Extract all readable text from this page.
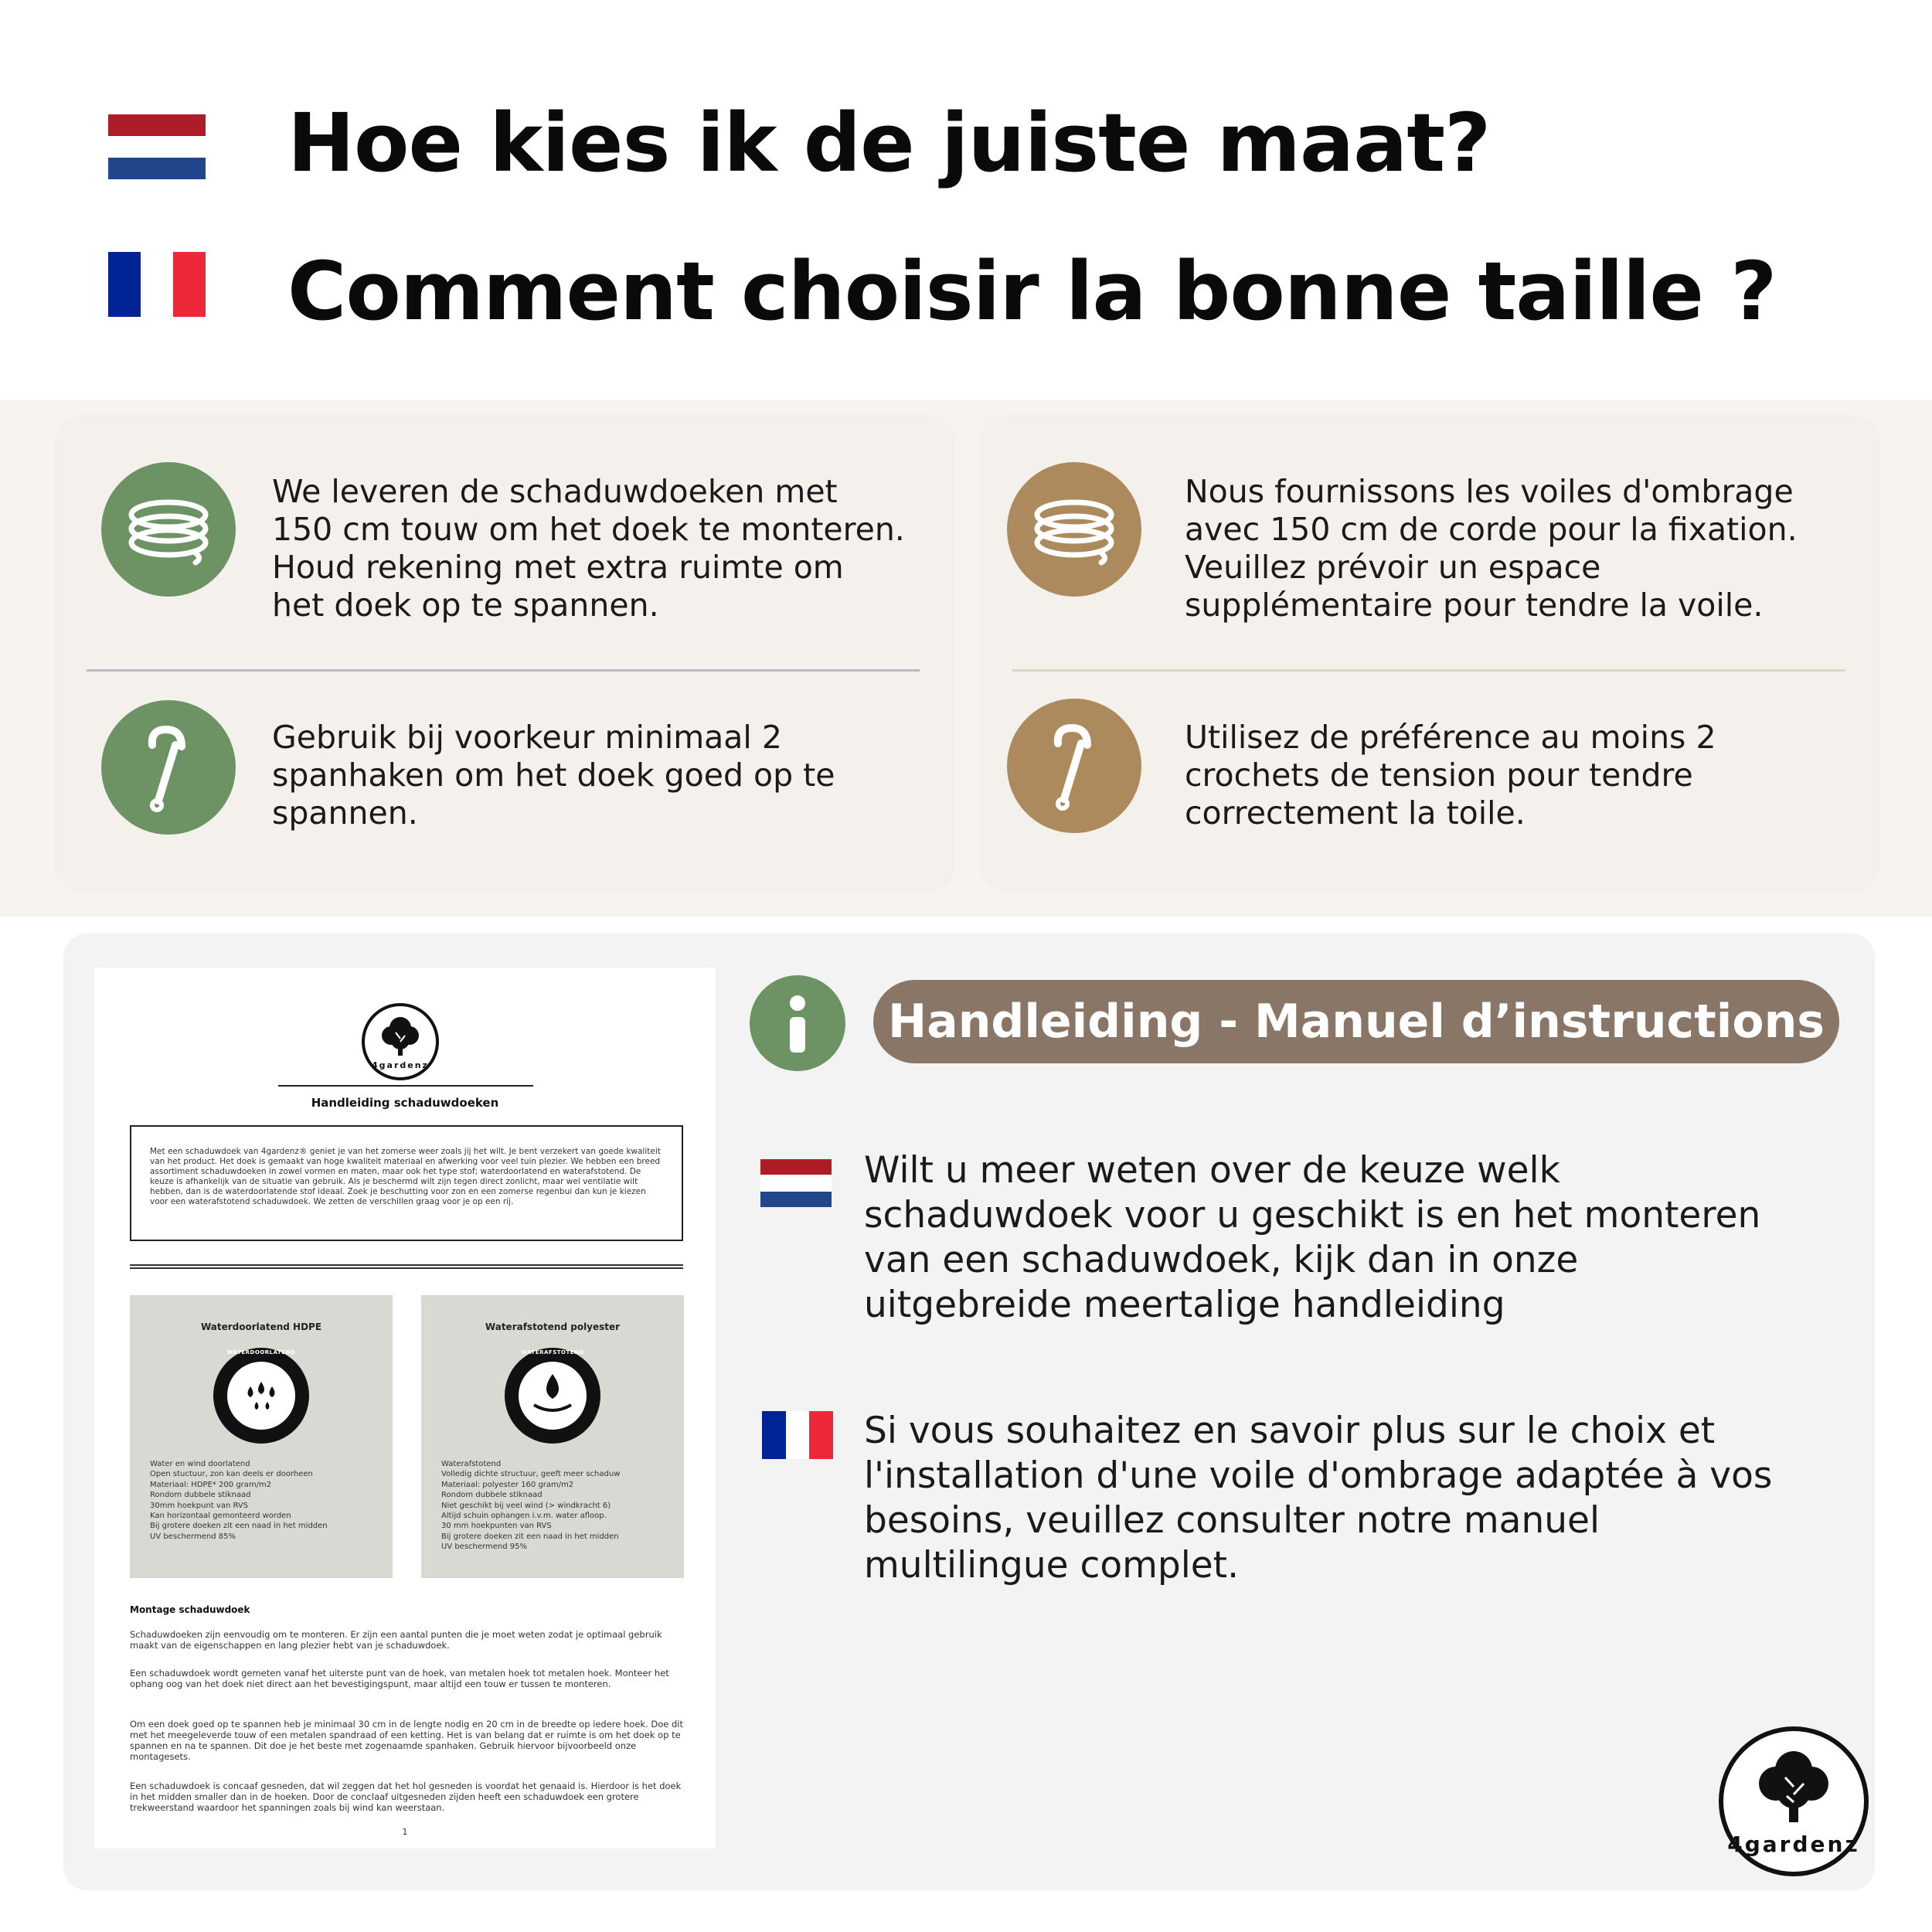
Hoe kies ik de juiste maat?
Comment choisir la bonne taille ?
We leveren de schaduwdoeken met 150 cm touw om het doek te monteren. Houd rekening met extra ruimte om het doek op te spannen.
Gebruik bij voorkeur minimaal 2 spanhaken om het doek goed op te spannen.
Nous fournissons les voiles d'ombrage avec 150 cm de corde pour la fixation. Veuillez prévoir un espace supplémentaire pour tendre la voile.
Utilisez de préférence au moins 2 crochets de tension pour tendre correctement la toile.
4gardenz
Handleiding schaduwdoeken
Met een schaduwdoek van 4gardenz® geniet je van het zomerse weer zoals jij het wilt. Je bent verzekert van goede kwaliteit van het product. Het doek is gemaakt van hoge kwaliteit materiaal en afwerking voor veel tuin plezier. We hebben een breed assortiment schaduwdoeken in zowel vormen en maten, maar ook het type stof; waterdoorlatend en waterafstotend. De keuze is afhankelijk van de situatie van gebruik. Als je beschermd wilt zijn tegen direct zonlicht, maar wel ventilatie wilt hebben, dan is de waterdoorlatende stof ideaal. Zoek je beschutting voor zon en een zomerse regenbui dan kun je kiezen voor een waterafstotend schaduwdoek. We zetten de verschillen graag voor je op een rij.
Waterdoorlatend HDPE
WATERDOORLATEND
Water en wind doorlatend
Open stuctuur, zon kan deels er doorheen
Materiaal: HDPE* 200 gram/m2
Rondom dubbele stiknaad
30mm hoekpunt van RVS
Kan horizontaal gemonteerd worden
Bij grotere doeken zit een naad in het midden
UV beschermend 85%
Waterafstotend polyester
WATERAFSTOTEND
Waterafstotend
Volledig dichte structuur, geeft meer schaduw
Materiaal: polyester 160 gram/m2
Rondom dubbele stiknaad
Niet geschikt bij veel wind (> windkracht 6)
Altijd schuin ophangen i.v.m. water afloop.
30 mm hoekpunten van RVS
Bij grotere doeken zit een naad in het midden
UV beschermend 95%
Montage schaduwdoek
Schaduwdoeken zijn eenvoudig om te monteren. Er zijn een aantal punten die je moet weten zodat je optimaal gebruik maakt van de eigenschappen en lang plezier hebt van je schaduwdoek.
Een schaduwdoek wordt gemeten vanaf het uiterste punt van de hoek, van metalen hoek tot metalen hoek. Monteer het ophang oog van het doek niet direct aan het bevestigingspunt, maar altijd een touw er tussen te monteren.
Om een doek goed op te spannen heb je minimaal 30 cm in de lengte nodig en 20 cm in de breedte op iedere hoek. Doe dit met het meegeleverde touw of een metalen spandraad of een ketting. Het is van belang dat er ruimte is om het doek op te spannen en na te spannen. Dit doe je het beste met zogenaamde spanhaken. Gebruik hiervoor bijvoorbeeld onze montagesets.
Een schaduwdoek is concaaf gesneden, dat wil zeggen dat het hol gesneden is voordat het genaaid is. Hierdoor is het doek in het midden smaller dan in de hoeken. Door de conclaaf uitgesneden zijden heeft een schaduwdoek een grotere trekweerstand waardoor het spanningen zoals bij wind kan weerstaan.
1
Handleiding - Manuel d’instructions
Wilt u meer weten over de keuze welk schaduwdoek voor u geschikt is en het monteren van een schaduwdoek, kijk dan in onze uitgebreide meertalige handleiding
Si vous souhaitez en savoir plus sur le choix et l'installation d'une voile d'ombrage adaptée à vos besoins, veuillez consulter notre manuel multilingue complet.
4gardenz
